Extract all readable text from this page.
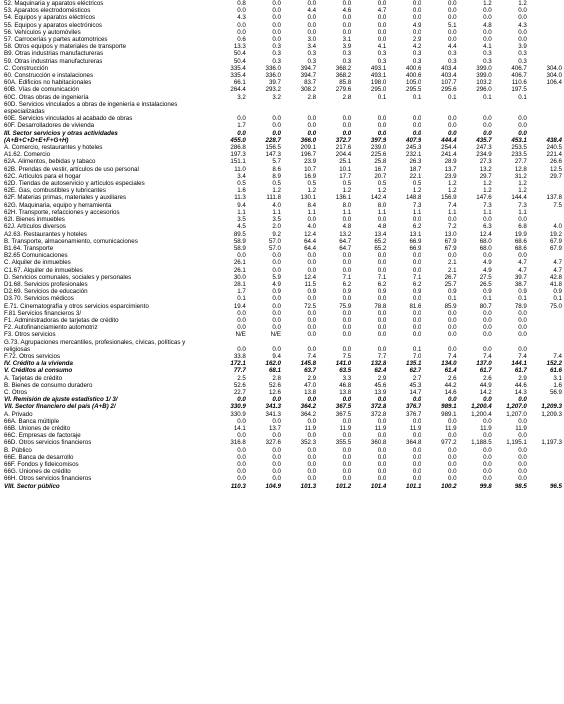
52. Maquinaria y aparatos eléctricos	0.8	0.0	0.0	0.0	0.0	0.0	0.0	1.2	1.2	
53. Aparatos electrodomésticos	0.0	0.0	4.4	4.6	4.7	0.0	0.0	0.0	0.0	
54. Equipos y aparatos eléctricos	4.3	0.0	0.0	0.0	0.0	0.0	0.0	0.0	0.0	
55. Equipos y aparatos electrónicos	0.0	0.0	0.0	0.0	0.0	4.9	5.1	4.8	4.3	
56. Vehículos y automóviles	0.0	0.0	0.0	0.0	0.0	0.0	0.0	0.0	0.0	
57. Carrocerías y partes automotrices	0.6	0.0	3.0	3.1	0.0	2.9	0.0	0.0	0.0	
58. Otros equipos y materiales de transporte	13.3	0.3	3.4	3.9	4.1	4.2	4.4	4.1	3.9	
B9. Otras industrias manufactureras	50.4	0.3	0.3	0.3	0.3	0.3	0.3	0.3	0.3	
59. Otras industrias manufactureras	50.4	0.3	0.3	0.3	0.3	0.3	0.3	0.3	0.3	
C. Construcción	335.4	336.0	394.7	368.2	493.1	400.6	403.4	399.0	406.7	304.0
60. Construcción e instalaciones	335.4	336.0	394.7	368.2	493.1	400.6	403.4	399.0	406.7	304.0
60A. Edificios no habitacionales	66.1	39.7	83.7	85.8	198.0	105.0	107.7	103.2	110.6	106.4
60B. Vías de comunicación	264.4	293.2	308.2	279.6	295.0	295.5	295.6	296.0	197.5	
60C. Otras obras de ingeniería	3.2	3.2	2.8	2.8	0.1	0.1	0.1	0.1	0.1	
60D. Servicios vinculados a obras de ingeniería e instalaciones especializadas										
60E. Servicios vinculados al acabado de obras	0.0	0.0	0.0	0.0	0.0	0.0	0.0	0.0	0.0	
60F. Desarrolladores de vivienda	1.7	0.0	0.0	0.0	0.0	0.0	0.0	0.0	0.0	
III. Sector servicios y otras actividades	0.0	0.0	0.0	0.0	0.0	0.0	0.0	0.0	0.0	
(A+B+C+D+E+F+G+H)	455.0	228.7	366.0	372.7	397.9	407.9	444.4	435.7	453.1	438.4
A. Comercio, restaurantes y hoteles	286.8	156.5	209.1	217.6	239.0	245.3	254.4	247.3	253.5	240.5
A1.62. Comercio	197.3	147.3	196.7	204.4	225.6	232.1	241.4	234.9	233.5	221.4
62A. Alimentos, bebidas y tabaco	151.1	5.7	23.9	25.1	25.8	26.3	28.9	27.3	27.7	26.6
62B. Prendas de vestir, artículos de uso personal	11.0	8.6	10.7	10.1	16.7	18.7	13.7	13.2	12.8	12.5
62C. Artículos para el hogar	3.4	8.9	16.9	17.7	20.7	22.1	23.9	29.7	31.2	29.7
62D. Tiendas de autoservicio y artículos especiales	0.5	0.5	0.5	0.5	0.5	0.5	1.2	1.2	1.2	
62E. Gas, combustibles y lubricantes	1.6	1.2	1.2	1.2	1.2	1.2	1.2	1.2	1.2	
62F. Materias primas, materiales y auxiliares	11.3	111.8	130.1	136.1	142.4	148.8	156.9	147.6	144.4	137.8
62G. Maquinaria, equipo y herramienta	9.4	4.0	8.4	8.0	8.0	7.3	7.4	7.3	7.3	7.5
62H. Transporte, refacciones y accesorios	1.1	1.1	1.1	1.1	1.1	1.1	1.1	1.1	1.1	
62I. Bienes inmuebles	3.5	3.5	0.0	0.0	0.0	0.0	0.0	0.0	0.0	
62J. Artículos diversos	4.5	2.0	4.0	4.8	4.8	6.2	7.2	6.3	6.8	4.0
A2.63. Restaurantes y hoteles	89.5	9.2	12.4	13.2	13.4	13.1	13.0	12.4	19.9	19.2
B. Transporte, almacenamiento, comunicaciones	58.9	57.0	64.4	64.7	65.2	66.9	67.9	68.0	68.6	67.9
B1.64. Transporte	58.9	57.0	64.4	64.7	65.2	66.9	67.9	68.0	68.6	67.9
B2.65 Comunicaciones	0.0	0.0	0.0	0.0	0.0	0.0	0.0	0.0	0.0	
C. Alquiler de inmuebles	26.1	0.0	0.0	0.0	0.0	0.0	2.1	4.9	4.7	4.7
C1.67. Alquiler de inmuebles	26.1	0.0	0.0	0.0	0.0	0.0	2.1	4.9	4.7	4.7
D. Servicios comunales, sociales y personales	30.0	5.9	12.4	7.1	7.1	7.1	26.7	27.5	39.7	42.8
D1.68. Servicios profesionales	28.1	4.9	11.5	6.2	6.2	6.2	25.7	26.5	38.7	41.8
D2.69. Servicios de educación	1.7	0.9	0.9	0.9	0.9	0.9	0.9	0.9	0.9	0.9
D3.70. Servicios médicos	0.1	0.0	0.0	0.0	0.0	0.0	0.1	0.1	0.1	0.1
E.71. Cinematografía y otros servicios esparcimiento	19.4	0.0	72.5	75.9	78.8	81.6	85.9	80.7	78.9	75.0
F.81 Servicios financieros 3/	0.0	0.0	0.0	0.0	0.0	0.0	0.0	0.0	0.0	
F1. Administradoras de tarjetas de crédito	0.0	0.0	0.0	0.0	0.0	0.0	0.0	0.0	0.0	
F2. Autofinanciamiento automotriz	0.0	0.0	0.0	0.0	0.0	0.0	0.0	0.0	0.0	
F3. Otros servicios	N/E	N/E	0.0	0.0	0.0	0.0	0.0	0.0	0.0	
G.73. Agrupaciones mercantiles, profesionales, cívicas, políticas y religiosas	0.0	0.0	0.0	0.0	0.0	0.1	0.0	0.0	0.0	
F.72. Otros servicios	33.8	9.4	7.4	7.5	7.7	7.0	7.4	7.4	7.4	7.4
IV. Crédito a la vivienda	172.1	162.0	145.8	141.0	132.8	135.1	134.0	137.0	144.1	152.2
V. Créditos al consumo	77.7	68.1	63.7	63.5	62.4	62.7	61.4	61.7	61.7	61.6
A. Tarjetas de crédito	2.5	2.8	2.9	3.3	2.9	2.7	2.6	2.6	2.9	3.1
B. Bienes de consumo duradero	52.6	52.6	47.0	46.8	45.6	45.3	44.2	44.9	44.6	1.6
C. Otros	22.7	12.6	13.8	13.8	13.9	14.7	14.6	14.2	14.3	56.9
VI. Remisión de ajuste estadístico 1/ 3/	0.0	0.0	0.0	0.0	0.0	0.0	0.0	0.0	0.0	
VII. Sector financiero del país (A+B) 2/	330.9	341.3	364.2	367.5	372.8	376.7	989.1	1,200.4	1,207.0	1,209.3
A. Privado	330.9	341.3	364.2	367.5	372.8	376.7	989.1	1,200.4	1,207.0	1,209.3
66A. Banca múltiple	0.0	0.0	0.0	0.0	0.0	0.0	0.0	0.0	0.0	
66B. Uniones de crédito	14.1	13.7	11.9	11.9	11.9	11.9	11.9	11.9	11.9	
66C. Empresas de factoraje	0.0	0.0	0.0	0.0	0.0	0.0	0.0	0.0	0.0	
66D. Otros servicios financieros	316.8	327.6	352.3	355.5	360.8	364.8	977.2	1,188.5	1,195.1	1,197.3
B. Público	0.0	0.0	0.0	0.0	0.0	0.0	0.0	0.0	0.0	
66E. Banca de desarrollo	0.0	0.0	0.0	0.0	0.0	0.0	0.0	0.0	0.0	
66F. Fondos y fideicomisos	0.0	0.0	0.0	0.0	0.0	0.0	0.0	0.0	0.0	
66G. Uniones de crédito	0.0	0.0	0.0	0.0	0.0	0.0	0.0	0.0	0.0	
66H. Otros servicios financieros	0.0	0.0	0.0	0.0	0.0	0.0	0.0	0.0	0.0	
VIII. Sector público	110.3	104.9	101.3	101.2	101.4	101.1	100.2	99.8	98.5	96.5
